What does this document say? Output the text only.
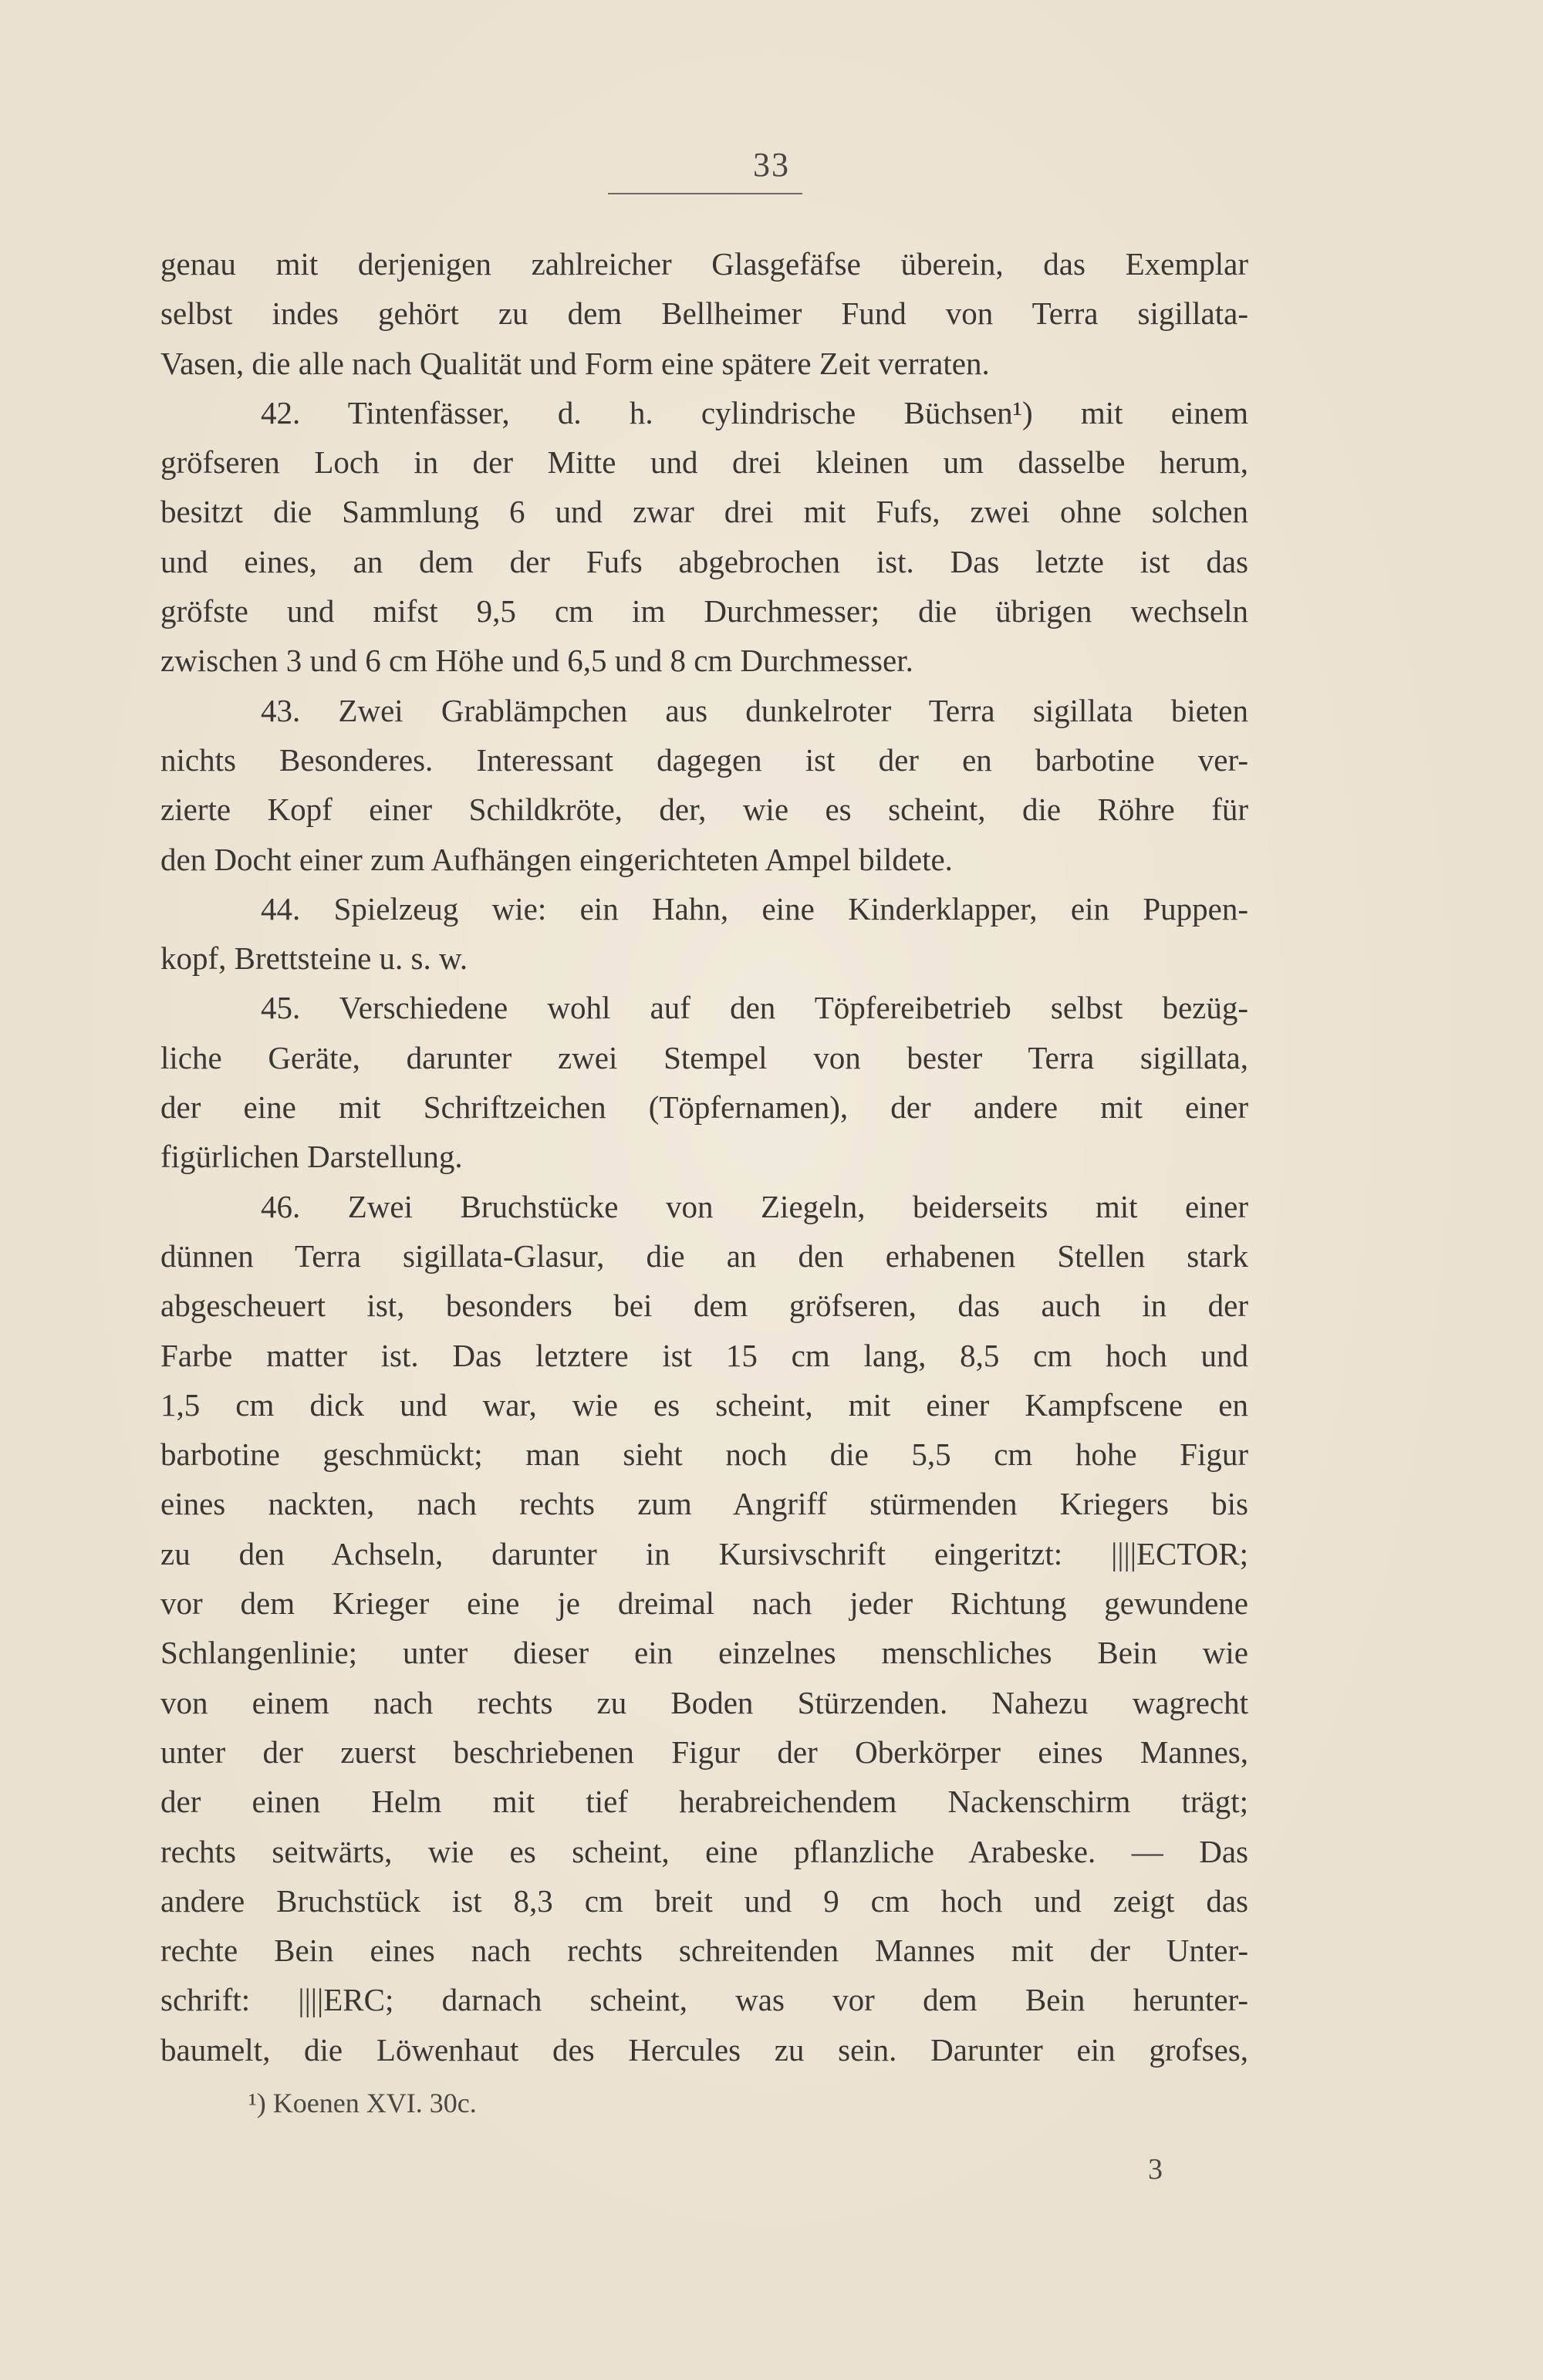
33
genau mit derjenigen zahlreicher Glasgefäfse überein, das Exemplar
selbst indes gehört zu dem Bellheimer Fund von Terra sigillata-
Vasen, die alle nach Qualität und Form eine spätere Zeit verraten.
42. Tintenfässer, d. h. cylindrische Büchsen¹) mit einem
gröfseren Loch in der Mitte und drei kleinen um dasselbe herum,
besitzt die Sammlung 6 und zwar drei mit Fufs, zwei ohne solchen
und eines, an dem der Fufs abgebrochen ist. Das letzte ist das
gröfste und mifst 9,5 cm im Durchmesser; die übrigen wechseln
zwischen 3 und 6 cm Höhe und 6,5 und 8 cm Durchmesser.
43. Zwei Grablämpchen aus dunkelroter Terra sigillata bieten
nichts Besonderes. Interessant dagegen ist der en barbotine ver-
zierte Kopf einer Schildkröte, der, wie es scheint, die Röhre für
den Docht einer zum Aufhängen eingerichteten Ampel bildete.
44. Spielzeug wie: ein Hahn, eine Kinderklapper, ein Puppen-
kopf, Brettsteine u. s. w.
45. Verschiedene wohl auf den Töpfereibetrieb selbst bezüg-
liche Geräte, darunter zwei Stempel von bester Terra sigillata,
der eine mit Schriftzeichen (Töpfernamen), der andere mit einer
figürlichen Darstellung.
46. Zwei Bruchstücke von Ziegeln, beiderseits mit einer
dünnen Terra sigillata-Glasur, die an den erhabenen Stellen stark
abgescheuert ist, besonders bei dem gröfseren, das auch in der
Farbe matter ist. Das letztere ist 15 cm lang, 8,5 cm hoch und
1,5 cm dick und war, wie es scheint, mit einer Kampfscene en
barbotine geschmückt; man sieht noch die 5,5 cm hohe Figur
eines nackten, nach rechts zum Angriff stürmenden Kriegers bis
zu den Achseln, darunter in Kursivschrift eingeritzt: ||||ECTOR;
vor dem Krieger eine je dreimal nach jeder Richtung gewundene
Schlangenlinie; unter dieser ein einzelnes menschliches Bein wie
von einem nach rechts zu Boden Stürzenden. Nahezu wagrecht
unter der zuerst beschriebenen Figur der Oberkörper eines Mannes,
der einen Helm mit tief herabreichendem Nackenschirm trägt;
rechts seitwärts, wie es scheint, eine pflanzliche Arabeske. — Das
andere Bruchstück ist 8,3 cm breit und 9 cm hoch und zeigt das
rechte Bein eines nach rechts schreitenden Mannes mit der Unter-
schrift: ||||ERC; darnach scheint, was vor dem Bein herunter-
baumelt, die Löwenhaut des Hercules zu sein. Darunter ein grofses,
¹) Koenen XVI. 30c.
3
